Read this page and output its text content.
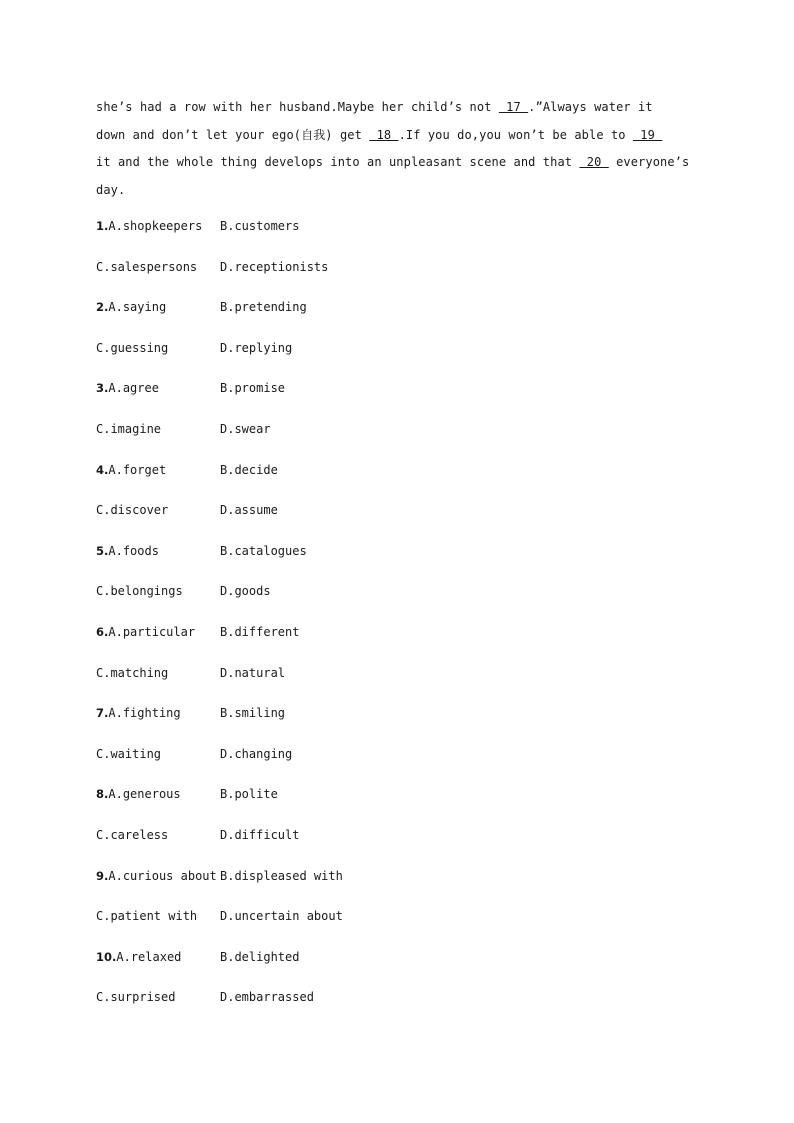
she’s had a row with her husband.Maybe her child’s not  17 .”Always water it

down and don’t let your ego(自我) get  18 .If you do,you won’t be able to  19

it and the whole thing develops into an unpleasant scene and that  20  everyone’s

day.

1.A.shopkeepers B.customers
C.salespersons D.receptionists
2.A.saying	B.pretending
C.guessing	D.replying
3.A.agree	B.promise
C.imagine	D.swear
4.A.forget	B.decide
C.discover	D.assume
5.A.foods	B.catalogues
C.belongings	D.goods
6.A.particular B.different
C.matching	D.natural
7.A.fighting	B.smiling
C.waiting	D.changing
8.A.generous	B.polite
C.careless	D.difficult
9.A.curious about B.displeased with
C.patient with D.uncertain about
10.A.relaxed	B.delighted
C.surprised	D.embarrassed
